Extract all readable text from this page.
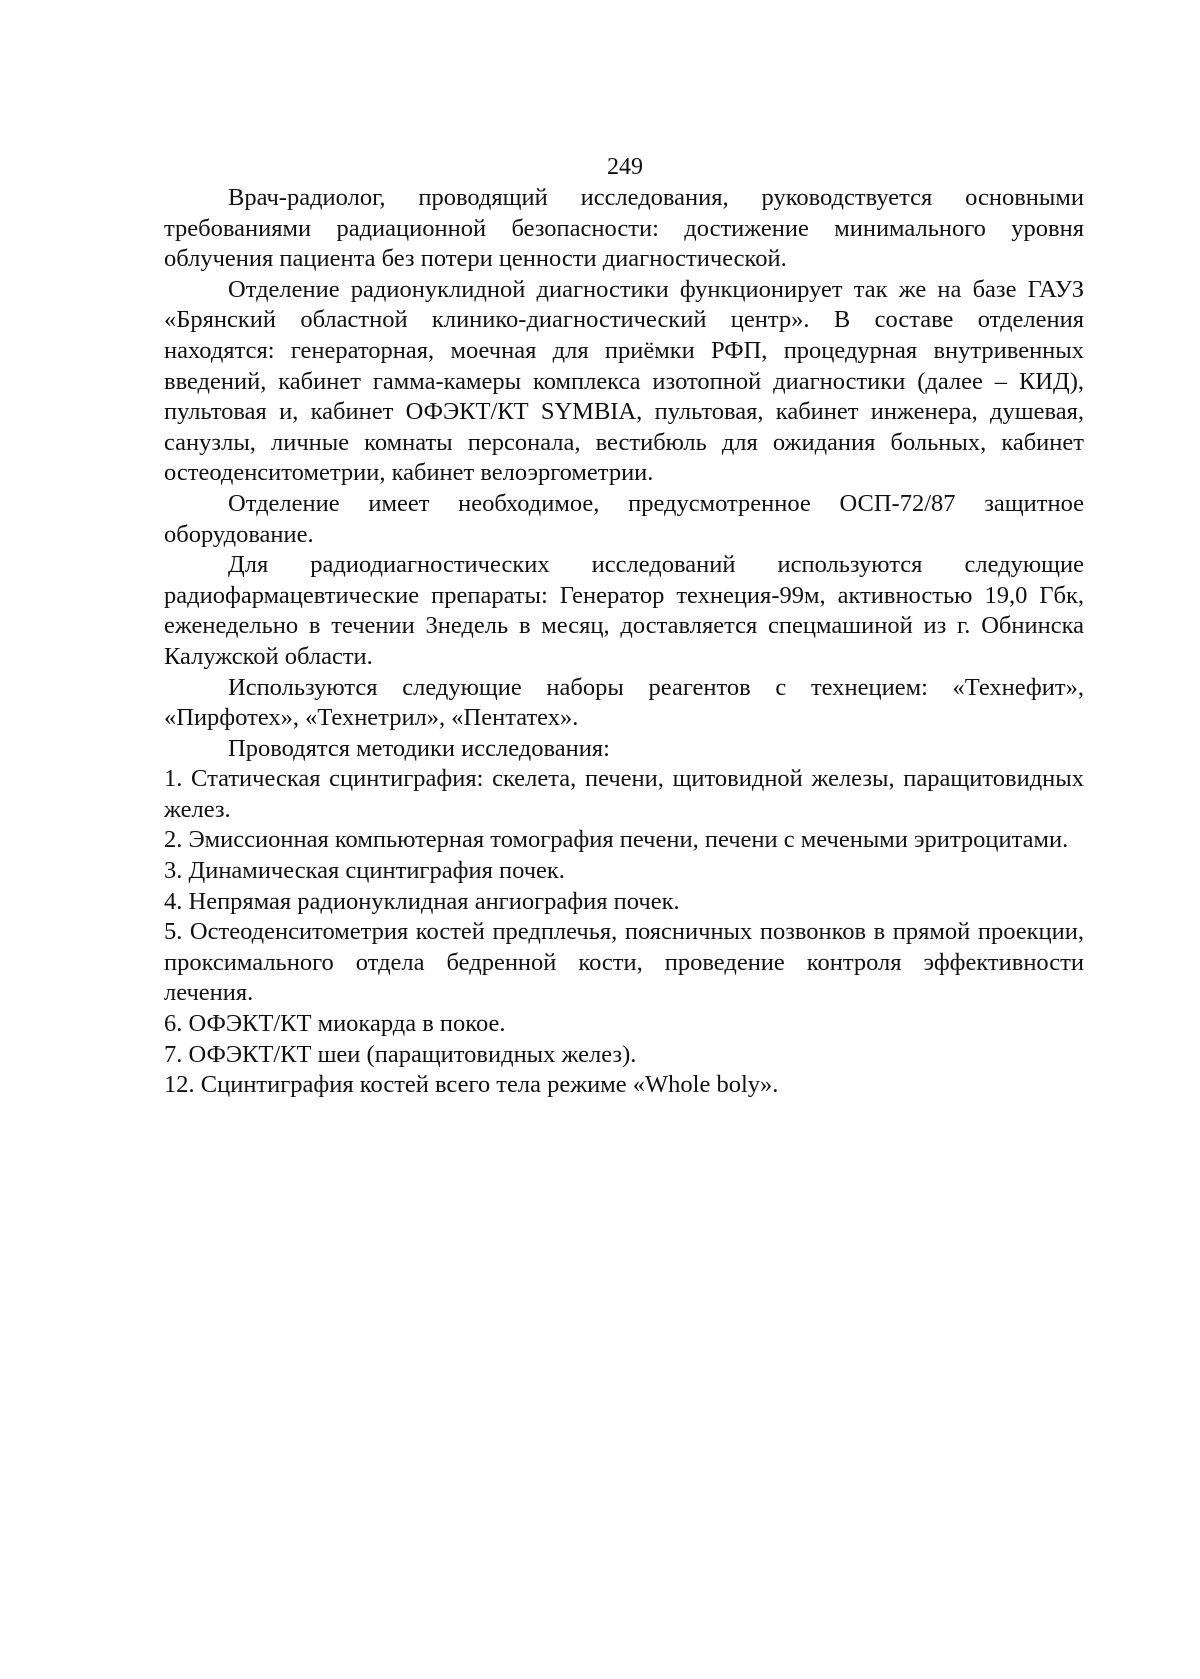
249

Врач-радиолог, проводящий исследования, руководствуется основными требованиями радиационной безопасности: достижение минимального уровня облучения пациента без потери ценности диагностической.

Отделение радионуклидной диагностики функционирует так же на базе ГАУЗ «Брянский областной клинико-диагностический центр». В составе отделения находятся: генераторная, моечная для приёмки РФП, процедурная внутривенных введений, кабинет гамма-камеры комплекса изотопной диагностики (далее – КИД), пультовая и, кабинет ОФЭКТ/КТ SYMBIA, пультовая, кабинет инженера, душевая, санузлы, личные комнаты персонала, вестибюль для ожидания больных, кабинет остеоденситометрии, кабинет велоэргометрии.

Отделение имеет необходимое, предусмотренное ОСП-72/87 защитное оборудование.

Для радиодиагностических исследований используются следующие радиофармацевтические препараты: Генератор технеция-99м, активностью 19,0 Гбк, еженедельно в течении 3недель в месяц, доставляется спецмашиной из г. Обнинска Калужской области.

Используются следующие наборы реагентов с технецием: «Технефит», «Пирфотех», «Технетрил», «Пентатех».

Проводятся методики исследования:

1. Статическая сцинтиграфия: скелета, печени, щитовидной железы, паращитовидных желез.

2. Эмиссионная компьютерная томография печени, печени с мечеными эритроцитами.

3. Динамическая сцинтиграфия почек.

4. Непрямая радионуклидная ангиография почек.

5. Остеоденситометрия костей предплечья, поясничных позвонков в прямой проекции, проксимального отдела бедренной кости, проведение контроля эффективности лечения.

6. ОФЭКТ/КТ миокарда в покое.

7. ОФЭКТ/КТ шеи (паращитовидных желез).

12. Сцинтиграфия костей всего тела режиме «Whole boly».
